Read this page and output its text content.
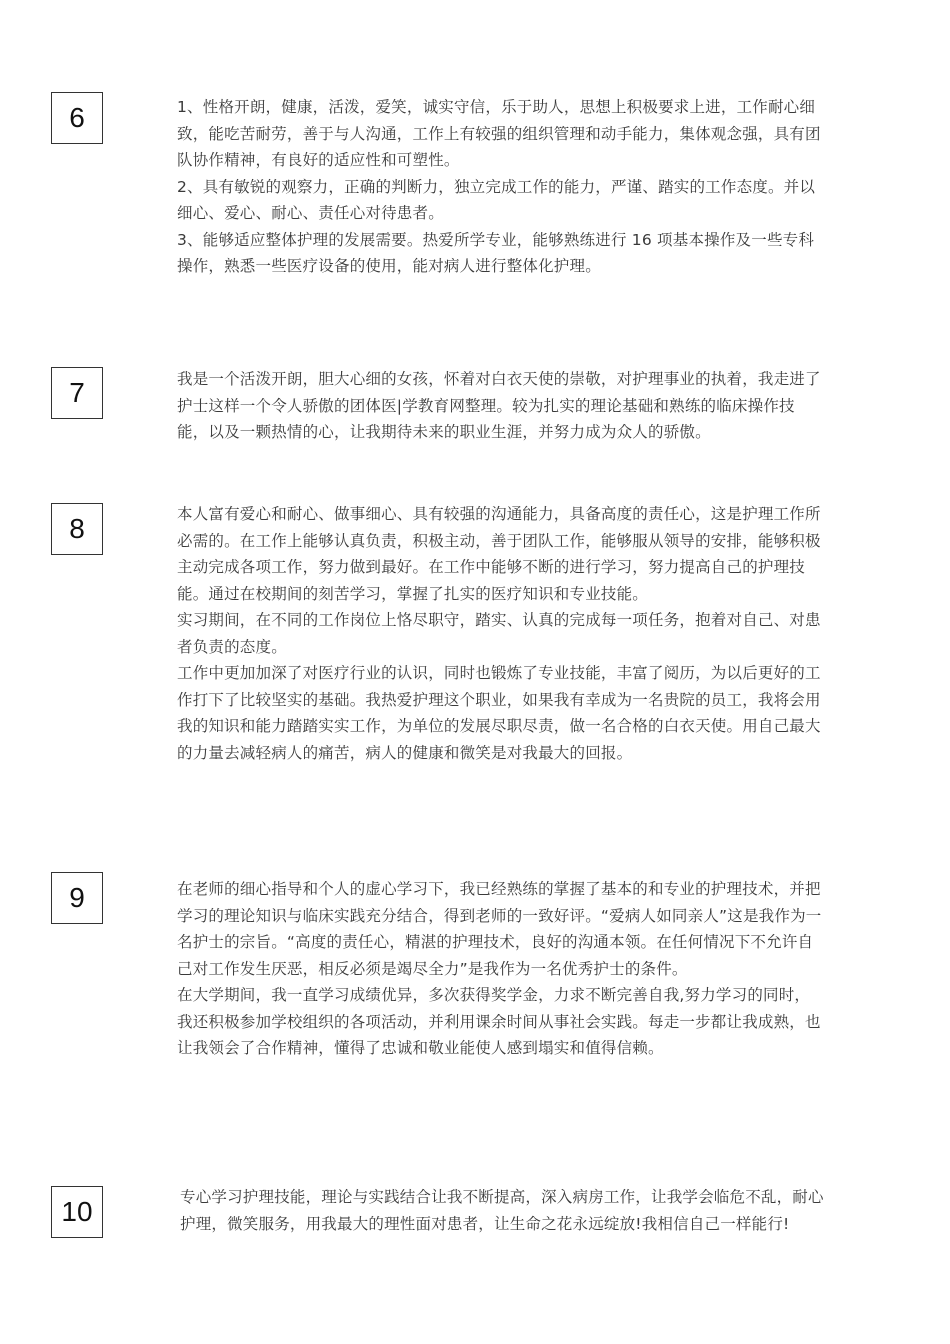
6	1、性格开朗，健康，活泼，爱笑，诚实守信，乐于助人，思想上积极要求上进，工作耐心细致，能吃苦耐劳，善于与人沟通，工作上有较强的组织管理和动手能力，集体观念强，具有团队协作精神，有良好的适应性和可塑性。

2、具有敏锐的观察力，正确的判断力，独立完成工作的能力，严谨、踏实的工作态度。并以细心、爱心、耐心、责任心对待患者。

3、能够适应整体护理的发展需要。热爱所学专业，能够熟练进行 16 项基本操作及一些专科操作，熟悉一些医疗设备的使用，能对病人进行整体化护理。

7	我是一个活泼开朗，胆大心细的女孩，怀着对白衣天使的崇敬，对护理事业的执着，我走进了护士这样一个令人骄傲的团体医|学教育网整理。较为扎实的理论基础和熟练的临床操作技能，以及一颗热情的心，让我期待未来的职业生涯，并努力成为众人的骄傲。

8	本人富有爱心和耐心、做事细心、具有较强的沟通能力，具备高度的责任心，这是护理工作所必需的。在工作上能够认真负责，积极主动，善于团队工作，能够服从领导的安排，能够积极主动完成各项工作，努力做到最好。在工作中能够不断的进行学习，努力提高自己的护理技能。通过在校期间的刻苦学习，掌握了扎实的医疗知识和专业技能。

实习期间，在不同的工作岗位上恪尽职守，踏实、认真的完成每一项任务，抱着对自己、对患者负责的态度。

工作中更加加深了对医疗行业的认识，同时也锻炼了专业技能，丰富了阅历，为以后更好的工作打下了比较坚实的基础。我热爱护理这个职业，如果我有幸成为一名贵院的员工，我将会用我的知识和能力踏踏实实工作，为单位的发展尽职尽责，做一名合格的白衣天使。用自己最大的力量去减轻病人的痛苦，病人的健康和微笑是对我最大的回报。

9	在老师的细心指导和个人的虚心学习下，我已经熟练的掌握了基本的和专业的护理技术，并把学习的理论知识与临床实践充分结合，得到老师的一致好评。“爱病人如同亲人”这是我作为一名护士的宗旨。“高度的责任心，精湛的护理技术，良好的沟通本领。在任何情况下不允许自己对工作发生厌恶，相反必须是竭尽全力”是我作为一名优秀护士的条件。

在大学期间，我一直学习成绩优异，多次获得奖学金，力求不断完善自我,努力学习的同时，我还积极参加学校组织的各项活动，并利用课余时间从事社会实践。每走一步都让我成熟，也让我领会了合作精神，懂得了忠诚和敬业能使人感到塌实和值得信赖。

10	专心学习护理技能，理论与实践结合让我不断提高，深入病房工作，让我学会临危不乱，耐心护理，微笑服务，用我最大的理性面对患者，让生命之花永远绽放!我相信自己一样能行!
